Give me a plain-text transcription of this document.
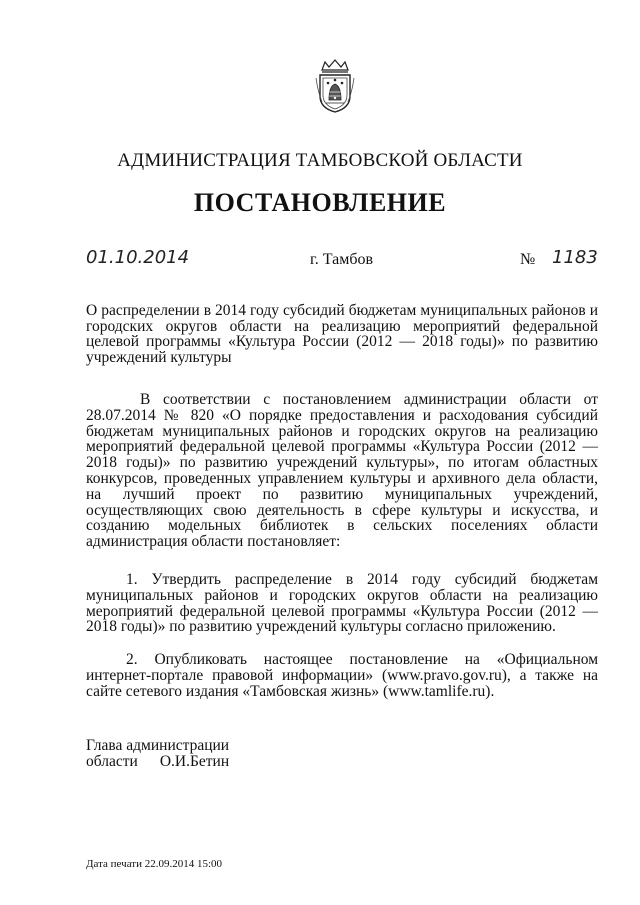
АДМИНИСТРАЦИЯ ТАМБОВСКОЙ ОБЛАСТИ
ПОСТАНОВЛЕНИЕ
01.10.2014	г. Тамбов	№ 1183
О распределении в 2014 году субсидий бюджетам муниципальных районов и городских округов области на реализацию мероприятий федеральной целевой программы «Культура России (2012 — 2018 годы)» по развитию учреждений культуры
В соответствии с постановлением администрации области от 28.07.2014 № 820 «О порядке предоставления и расходования субсидий бюджетам муниципальных районов и городских округов на реализацию мероприятий федеральной целевой программы «Культура России (2012 — 2018 годы)» по развитию учреждений культуры», по итогам областных конкурсов, проведенных управлением культуры и архивного дела области, на лучший проект по развитию муниципальных учреждений, осуществляющих свою деятельность в сфере культуры и искусства, и созданию модельных библиотек в сельских поселениях области администрация области постановляет:
1. Утвердить распределение в 2014 году субсидий бюджетам муниципальных районов и городских округов области на реализацию мероприятий федеральной целевой программы «Культура России (2012 — 2018 годы)» по развитию учреждений культуры согласно приложению.
2. Опубликовать настоящее постановление на «Официальном интернет-портале правовой информации» (www.pravo.gov.ru), а также на сайте сетевого издания «Тамбовская жизнь» (www.tamlife.ru).
Глава администрации
области О.И.Бетин
Дата печати 22.09.2014 15:00
